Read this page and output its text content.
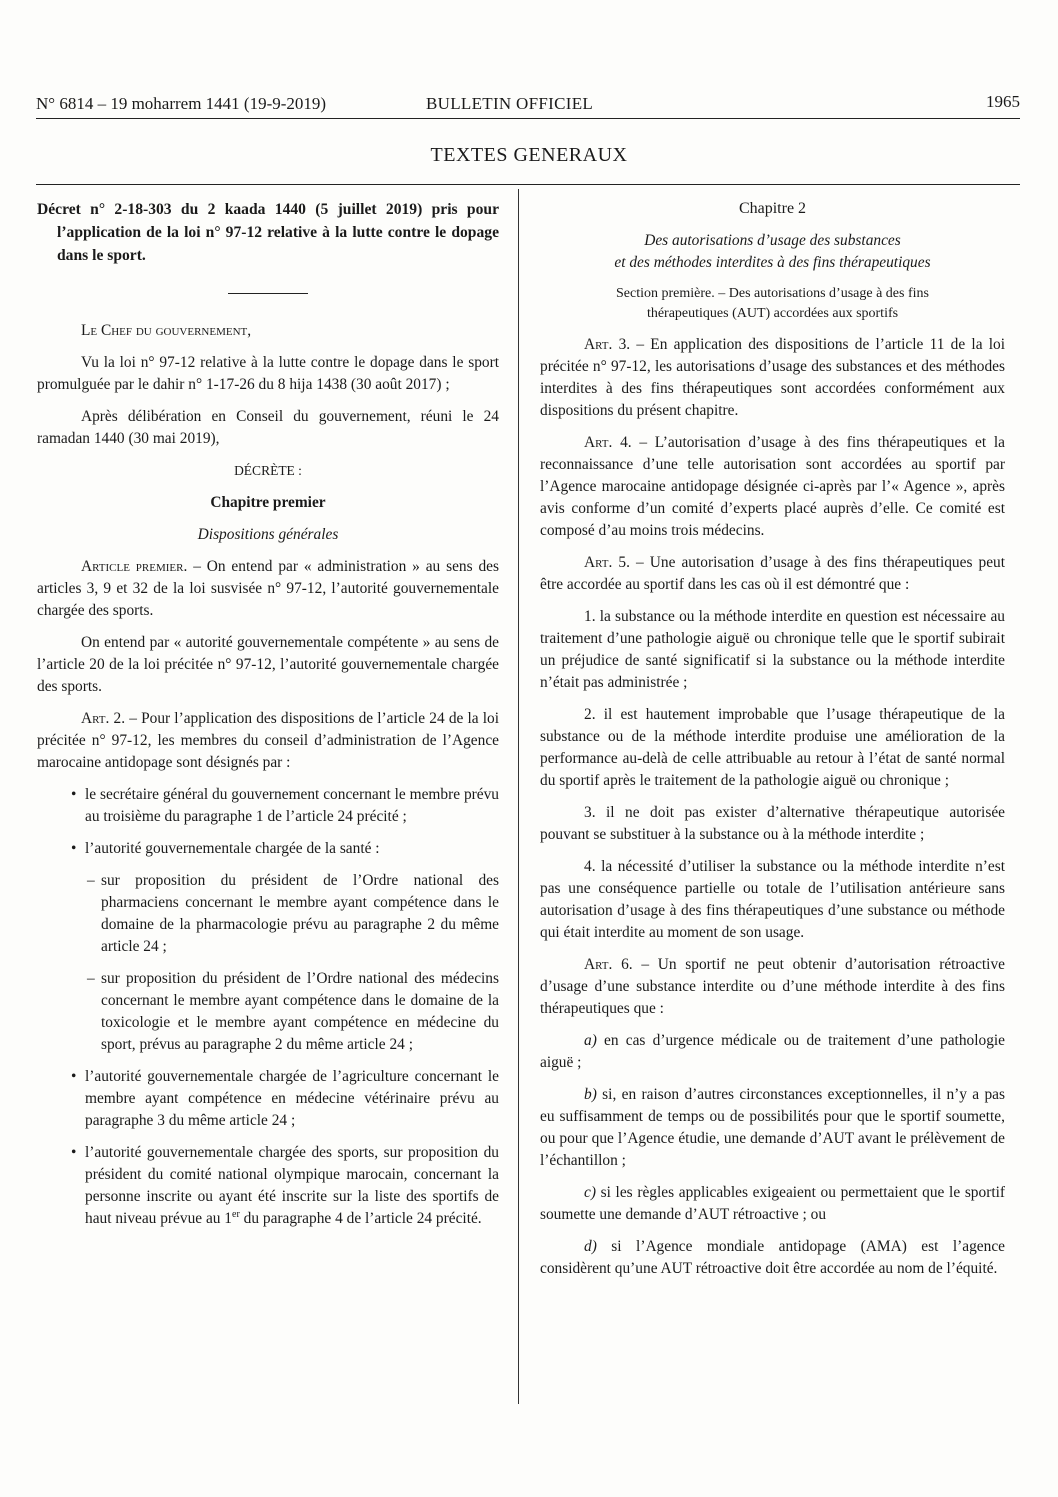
N° 6814 – 19 moharrem 1441 (19-9-2019)	BULLETIN OFFICIEL	1965
TEXTES GENERAUX

Décret n° 2-18-303 du 2 kaada 1440 (5 juillet 2019) pris pour l’application de la loi n° 97-12 relative à la lutte contre le dopage dans le sport.

Le Chef du gouvernement,

Vu la loi n° 97-12 relative à la lutte contre le dopage dans le sport promulguée par le dahir n° 1-17-26 du 8 hija 1438 (30 août 2017) ;

Après délibération en Conseil du gouvernement, réuni le 24 ramadan 1440 (30 mai 2019),

DÉCRÈTE :

Chapitre premier

Dispositions générales

Article premier. – On entend par « administration » au sens des articles 3, 9 et 32 de la loi susvisée n° 97-12, l’autorité gouvernementale chargée des sports.

On entend par « autorité gouvernementale compétente » au sens de l’article 20 de la loi précitée n° 97-12, l’autorité gouvernementale chargée des sports.

Art. 2. – Pour l’application des dispositions de l’article 24 de la loi précitée n° 97-12, les membres du conseil d’administration de l’Agence marocaine antidopage sont désignés par :

• le secrétaire général du gouvernement concernant le membre prévu au troisième du paragraphe 1 de l’article 24 précité ;
• l’autorité gouvernementale chargée de la santé :
– sur proposition du président de l’Ordre national des pharmaciens concernant le membre ayant compétence dans le domaine de la pharmacologie prévu au paragraphe 2 du même article 24 ;
– sur proposition du président de l’Ordre national des médecins concernant le membre ayant compétence dans le domaine de la toxicologie et le membre ayant compétence en médecine du sport, prévus au paragraphe 2 du même article 24 ;
• l’autorité gouvernementale chargée de l’agriculture concernant le membre ayant compétence en médecine vétérinaire prévu au paragraphe 3 du même article 24 ;
• l’autorité gouvernementale chargée des sports, sur proposition du président du comité national olympique marocain, concernant la personne inscrite ou ayant été inscrite sur la liste des sportifs de haut niveau prévue au 1er du paragraphe 4 de l’article 24 précité.

Chapitre 2

Des autorisations d’usage des substances

et des méthodes interdites à des fins thérapeutiques

Section première. – Des autorisations d’usage à des fins

thérapeutiques (AUT) accordées aux sportifs

Art. 3. – En application des dispositions de l’article 11 de la loi précitée n° 97-12, les autorisations d’usage des substances et des méthodes interdites à des fins thérapeutiques sont accordées conformément aux dispositions du présent chapitre.

Art. 4. – L’autorisation d’usage à des fins thérapeutiques et la reconnaissance d’une telle autorisation sont accordées au sportif par l’Agence marocaine antidopage désignée ci-après par l’« Agence », après avis conforme d’un comité d’experts placé auprès d’elle. Ce comité est composé d’au moins trois médecins.

Art. 5. – Une autorisation d’usage à des fins thérapeutiques peut être accordée au sportif dans les cas où il est démontré que :

1. la substance ou la méthode interdite en question est nécessaire au traitement d’une pathologie aiguë ou chronique telle que le sportif subirait un préjudice de santé significatif si la substance ou la méthode interdite n’était pas administrée ;

2. il est hautement improbable que l’usage thérapeutique de la substance ou de la méthode interdite produise une amélioration de la performance au-delà de celle attribuable au retour à l’état de santé normal du sportif après le traitement de la pathologie aiguë ou chronique ;

3. il ne doit pas exister d’alternative thérapeutique autorisée pouvant se substituer à la substance ou à la méthode interdite ;

4. la nécessité d’utiliser la substance ou la méthode interdite n’est pas une conséquence partielle ou totale de l’utilisation antérieure sans autorisation d’usage à des fins thérapeutiques d’une substance ou méthode qui était interdite au moment de son usage.

Art. 6. – Un sportif ne peut obtenir d’autorisation rétroactive d’usage d’une substance interdite ou d’une méthode interdite à des fins thérapeutiques que :

a) en cas d’urgence médicale ou de traitement d’une pathologie aiguë ;

b) si, en raison d’autres circonstances exceptionnelles, il n’y a pas eu suffisamment de temps ou de possibilités pour que le sportif soumette, ou pour que l’Agence étudie, une demande d’AUT avant le prélèvement de l’échantillon ;

c) si les règles applicables exigeaient ou permettaient que le sportif soumette une demande d’AUT rétroactive ; ou

d) si l’Agence mondiale antidopage (AMA) est l’agence considèrent qu’une AUT rétroactive doit être accordée au nom de l’équité.
